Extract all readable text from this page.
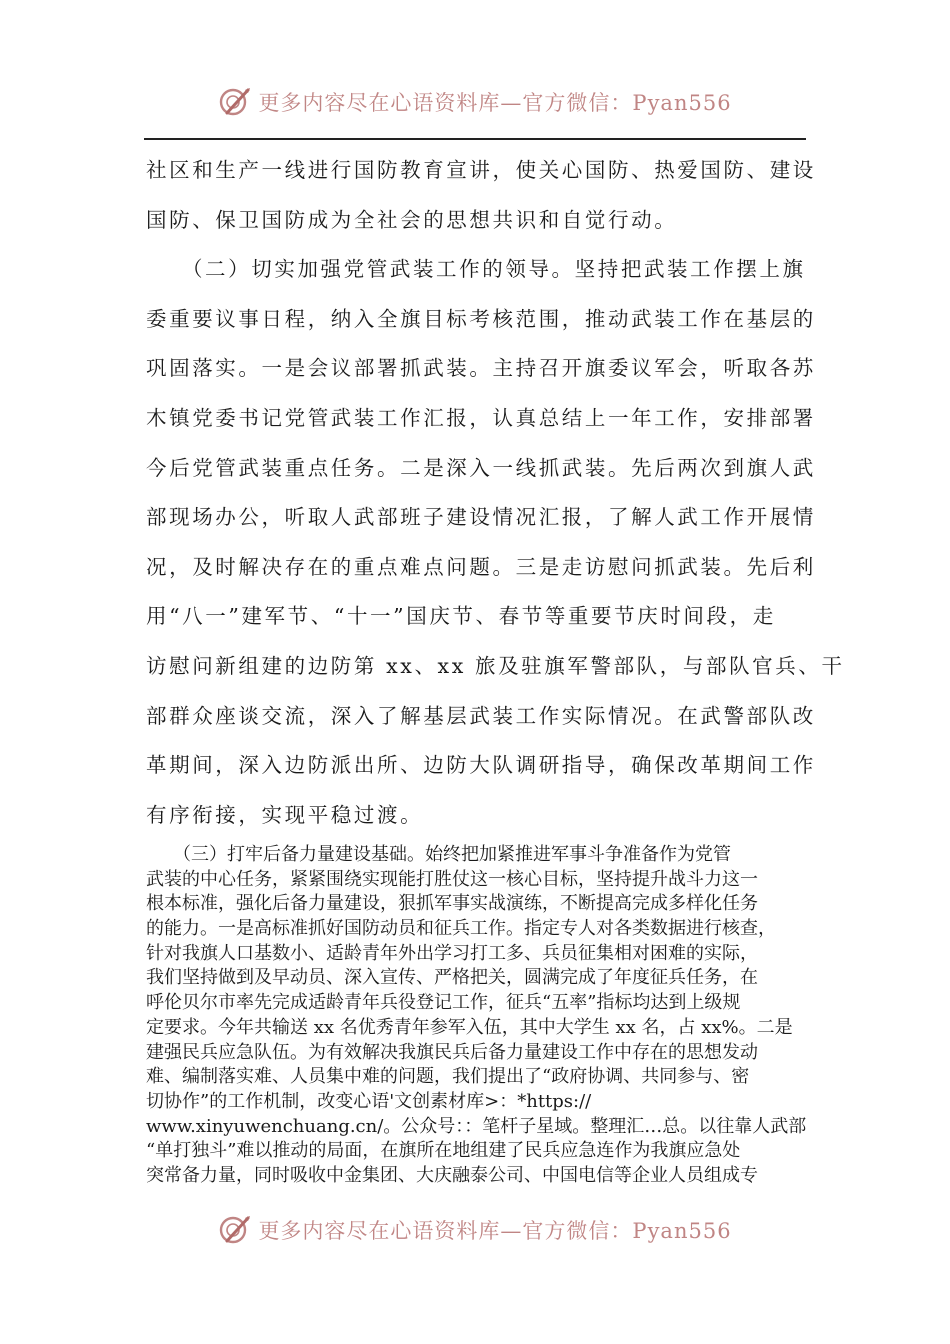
更多内容尽在心语资料库—官方微信：Pyan556
社区和生产一线进行国防教育宣讲，使关心国防、热爱国防、建设
国防、保卫国防成为全社会的思想共识和自觉行动。
　　（二）切实加强党管武装工作的领导。坚持把武装工作摆上旗
委重要议事日程，纳入全旗目标考核范围，推动武装工作在基层的
巩固落实。一是会议部署抓武装。主持召开旗委议军会，听取各苏
木镇党委书记党管武装工作汇报，认真总结上一年工作，安排部署
今后党管武装重点任务。二是深入一线抓武装。先后两次到旗人武
部现场办公，听取人武部班子建设情况汇报，了解人武工作开展情
况，及时解决存在的重点难点问题。三是走访慰问抓武装。先后利
用“八一”建军节、“十一”国庆节、春节等重要节庆时间段，走
访慰问新组建的边防第 xx、xx 旅及驻旗军警部队，与部队官兵、干
部群众座谈交流，深入了解基层武装工作实际情况。在武警部队改
革期间，深入边防派出所、边防大队调研指导，确保改革期间工作
有序衔接，实现平稳过渡。
　　（三）打牢后备力量建设基础。始终把加紧推进军事斗争准备作为党管
武装的中心任务，紧紧围绕实现能打胜仗这一核心目标，坚持提升战斗力这一
根本标准，强化后备力量建设，狠抓军事实战演练，不断提高完成多样化任务
的能力。一是高标准抓好国防动员和征兵工作。指定专人对各类数据进行核查，
针对我旗人口基数小、适龄青年外出学习打工多、兵员征集相对困难的实际，
我们坚持做到及早动员、深入宣传、严格把关，圆满完成了年度征兵任务，在
呼伦贝尔市率先完成适龄青年兵役登记工作，征兵“五率”指标均达到上级规
定要求。今年共输送 xx 名优秀青年参军入伍，其中大学生 xx 名，占 xx%。二是
建强民兵应急队伍。为有效解决我旗民兵后备力量建设工作中存在的思想发动
难、编制落实难、人员集中难的问题，我们提出了“政府协调、共同参与、密
切协作”的工作机制，改变心语'文创素材库>：*https://
www.xinyuwenchuang.cn/。公众号：：笔杆子星域。整理汇…总。以往靠人武部
“单打独斗”难以推动的局面，在旗所在地组建了民兵应急连作为我旗应急处
突常备力量，同时吸收中金集团、大庆融泰公司、中国电信等企业人员组成专
更多内容尽在心语资料库—官方微信：Pyan556
